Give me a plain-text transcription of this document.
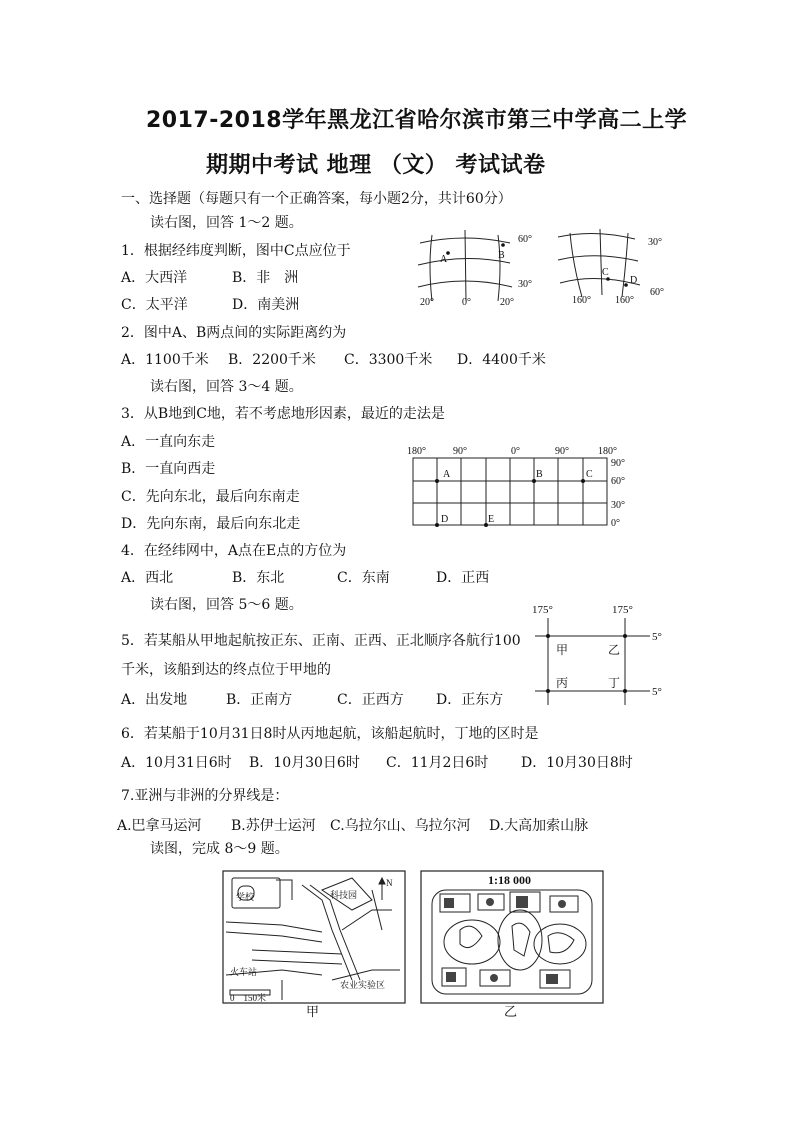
2017-2018学年黑龙江省哈尔滨市第三中学高二上学
期期中考试 地理 （文） 考试试卷
一、选择题（每题只有一个正确答案，每小题2分，共计60分）
读右图，回答 1～2 题。
1．根据经纬度判断，图中C点应位于
A．大西洋	B．非　洲
C．太平洋	D．南美洲
2．图中A、B两点间的实际距离约为
A．1100千米 B．2200千米 C．3300千米 D．4400千米
读右图，回答 3～4 题。
3．从B地到C地，若不考虑地形因素，最近的走法是
A．一直向东走
B．一直向西走
C．先向东北，最后向东南走
D．先向东南，最后向东北走
4．在经纬网中，A点在E点的方位为
A．西北	B．东北	C．东南	D．正西
读右图，回答 5～6 题。
5．若某船从甲地起航按正东、正南、正西、正北顺序各航行100
千米，该船到达的终点位于甲地的
A．出发地	B．正南方	C．正西方 D．正东方
6．若某船于10月31日8时从丙地起航，该船起航时，丁地的区时是
A．10月31日6时 B．10月30日6时 C．11月2日6时 D．10月30日8时
7.亚洲与非洲的分界线是：
A.巴拿马运河 B.苏伊士运河 C.乌拉尔山、乌拉尔河 D.大高加索山脉
读图，完成 8～9 题。
A	B
60°
30°
20°	0°	20°
C
D
30°
60°
160° 160°
180°	90°	0°	90°	180°
90°
60°
30°
0°
A	B	C
D	E
175°	175°
5°
5°
甲	乙
丙	丁
学校	科技园
N
火车站
农业实验区
0　150米
甲
1:18 000
乙
